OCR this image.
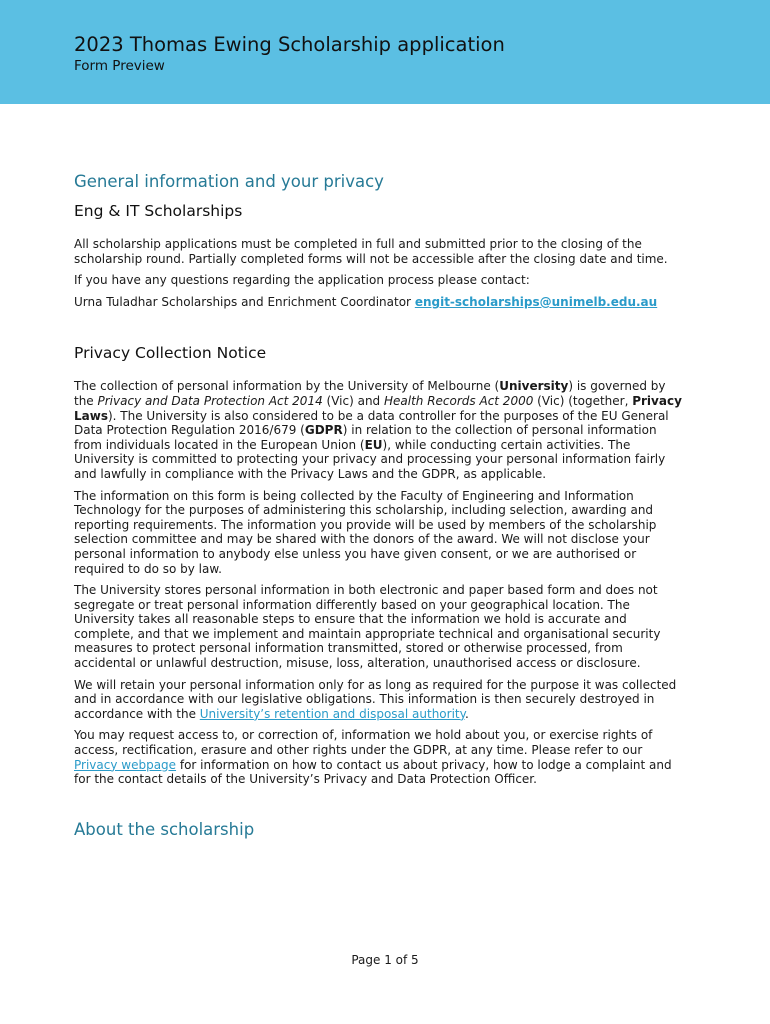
2023 Thomas Ewing Scholarship application
Form Preview
General information and your privacy
Eng & IT Scholarships

All scholarship applications must be completed in full and submitted prior to the closing of the scholarship round. Partially completed forms will not be accessible after the closing date and time.

If you have any questions regarding the application process please contact:

Urna Tuladhar Scholarships and Enrichment Coordinator engit-scholarships@unimelb.edu.au

Privacy Collection Notice

The collection of personal information by the University of Melbourne (University) is governed by the Privacy and Data Protection Act 2014 (Vic) and Health Records Act 2000 (Vic) (together, Privacy Laws). The University is also considered to be a data controller for the purposes of the EU General Data Protection Regulation 2016/679 (GDPR) in relation to the collection of personal information from individuals located in the European Union (EU), while conducting certain activities. The University is committed to protecting your privacy and processing your personal information fairly and lawfully in compliance with the Privacy Laws and the GDPR, as applicable.

The information on this form is being collected by the Faculty of Engineering and Information Technology for the purposes of administering this scholarship, including selection, awarding and reporting requirements. The information you provide will be used by members of the scholarship selection committee and may be shared with the donors of the award. We will not disclose your personal information to anybody else unless you have given consent, or we are authorised or required to do so by law.

The University stores personal information in both electronic and paper based form and does not segregate or treat personal information differently based on your geographical location. The University takes all reasonable steps to ensure that the information we hold is accurate and complete, and that we implement and maintain appropriate technical and organisational security measures to protect personal information transmitted, stored or otherwise processed, from accidental or unlawful destruction, misuse, loss, alteration, unauthorised access or disclosure.

We will retain your personal information only for as long as required for the purpose it was collected and in accordance with our legislative obligations. This information is then securely destroyed in accordance with the University’s retention and disposal authority.

You may request access to, or correction of, information we hold about you, or exercise rights of access, rectification, erasure and other rights under the GDPR, at any time. Please refer to our Privacy webpage for information on how to contact us about privacy, how to lodge a complaint and for the contact details of the University’s Privacy and Data Protection Officer.

About the scholarship
Page 1 of 5
